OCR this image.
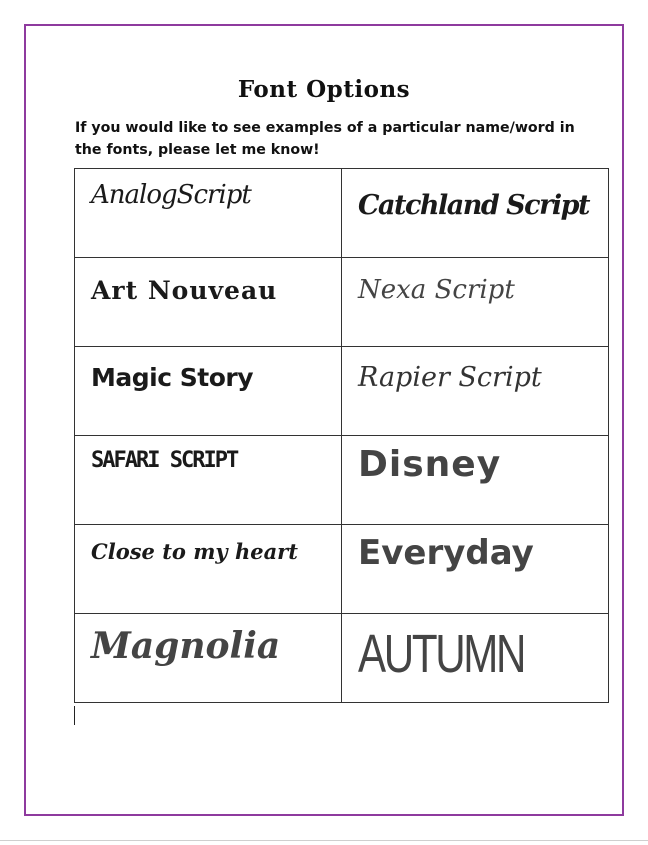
Font Options
If you would like to see examples of a particular name/word in the fonts, please let me know!
AnalogScript	Catchland Script

Art Nouveau	Nexa Script

Magic Story	Rapier Script

SAFARI SCRIPT	Disney

Close to my heart	Everyday

Magnolia	AUTUMN
